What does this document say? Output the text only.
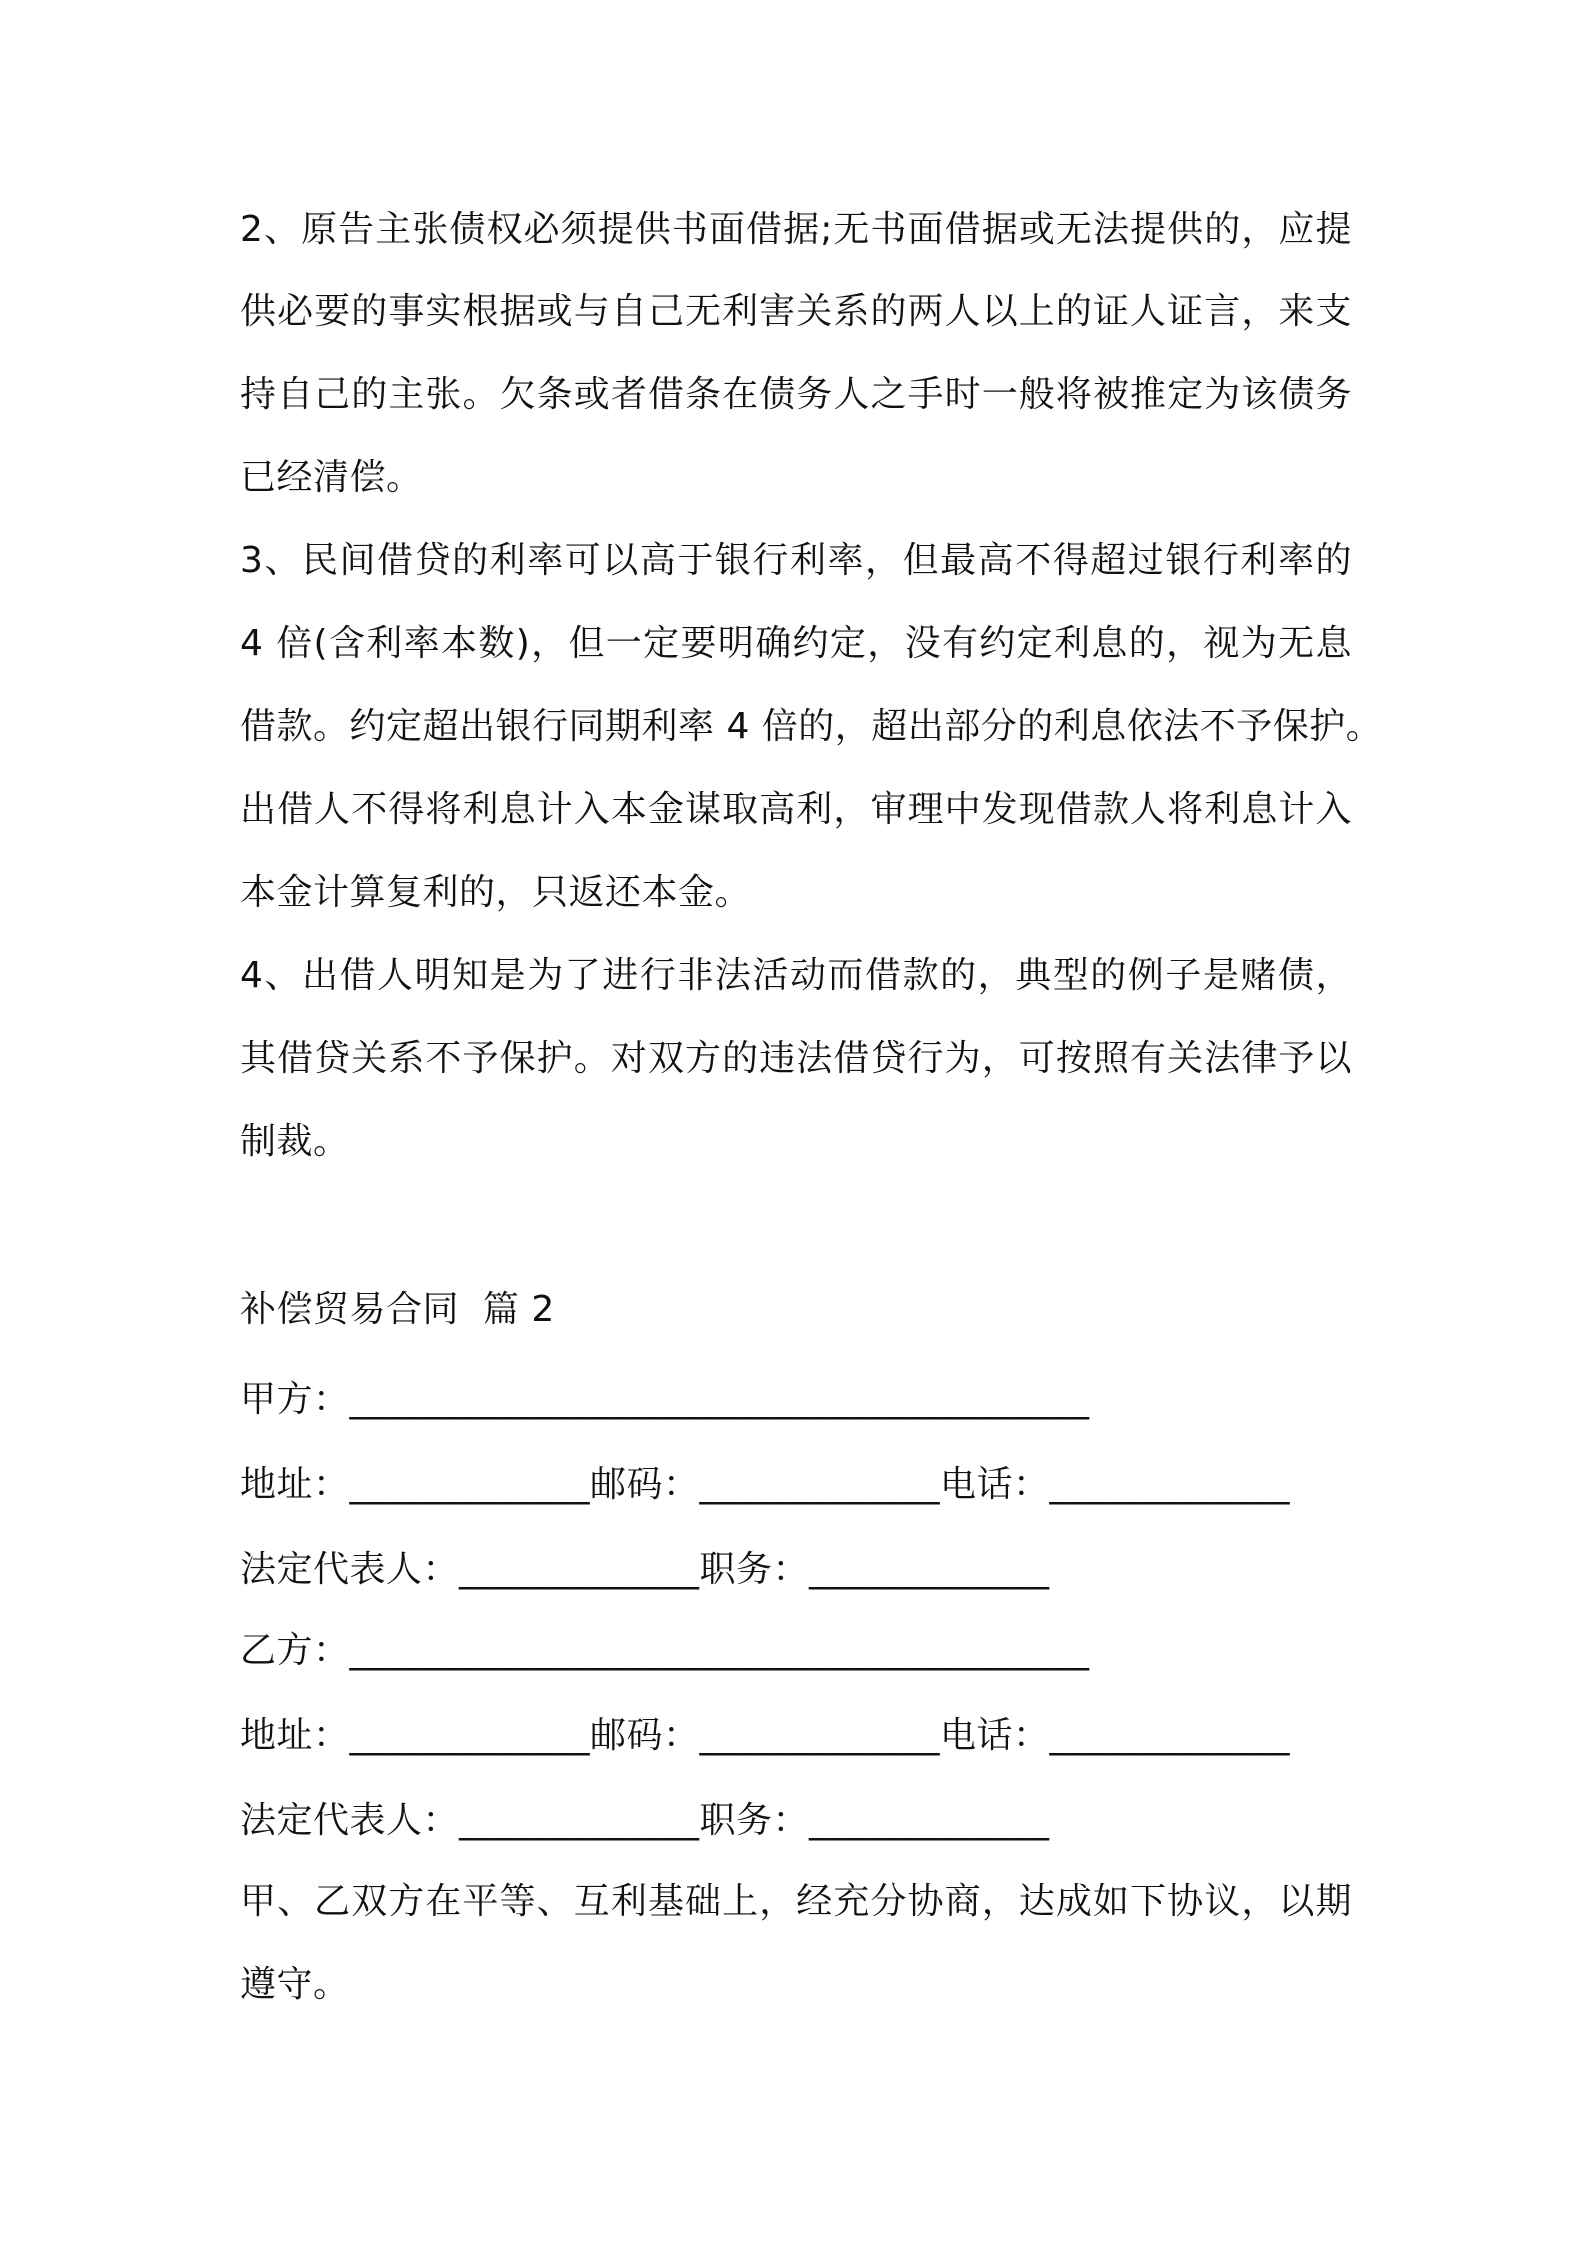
2、原告主张债权必须提供书面借据;无书面借据或无法提供的，应提
供必要的事实根据或与自己无利害关系的两人以上的证人证言，来支
持自己的主张。欠条或者借条在债务人之手时一般将被推定为该债务
已经清偿。
3、民间借贷的利率可以高于银行利率，但最高不得超过银行利率的
4 倍(含利率本数)，但一定要明确约定，没有约定利息的，视为无息
借款。约定超出银行同期利率 4 倍的，超出部分的利息依法不予保护。
出借人不得将利息计入本金谋取高利，审理中发现借款人将利息计入
本金计算复利的，只返还本金。
4、出借人明知是为了进行非法活动而借款的，典型的例子是赌债，
其借贷关系不予保护。对双方的违法借贷行为，可按照有关法律予以
制裁。
补偿贸易合同  篇 2
甲方：________________________________________
地址：_____________邮码：_____________电话：_____________
法定代表人：_____________职务：_____________
乙方：________________________________________
地址：_____________邮码：_____________电话：_____________
法定代表人：_____________职务：_____________
甲、乙双方在平等、互利基础上，经充分协商，达成如下协议，以期
遵守。
